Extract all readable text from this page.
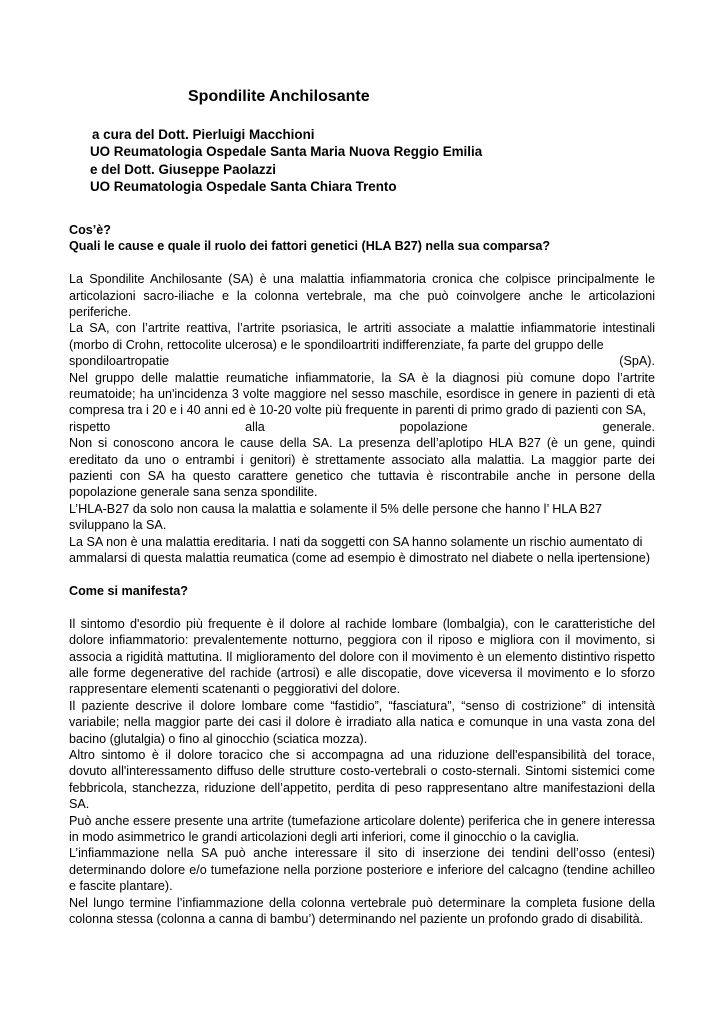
Spondilite Anchilosante
a cura del Dott. Pierluigi Macchioni
UO Reumatologia Ospedale Santa Maria Nuova Reggio Emilia
e del Dott. Giuseppe Paolazzi
UO Reumatologia Ospedale Santa Chiara Trento
Cos’è?
Quali le cause e quale il ruolo dei fattori genetici (HLA B27) nella sua comparsa?
La Spondilite Anchilosante (SA) è una malattia infiammatoria cronica che colpisce principalmente le articolazioni sacro-iliache e la colonna vertebrale, ma che può coinvolgere anche le articolazioni periferiche.
La SA, con l’artrite reattiva, l’artrite psoriasica, le artriti associate a malattie infiammatorie intestinali (morbo di Crohn, rettocolite ulcerosa) e le spondiloartriti indifferenziate, fa parte del gruppo delle
spondiloartropatie (SpA).
Nel gruppo delle malattie reumatiche infiammatorie, la SA è la diagnosi più comune dopo l’artrite reumatoide; ha un'incidenza 3 volte maggiore nel sesso maschile, esordisce in genere in pazienti di età compresa tra i 20 e i 40 anni ed è 10-20 volte più frequente in parenti di primo grado di pazienti con SA,
rispetto alla popolazione generale.
Non si conoscono ancora le cause della SA. La presenza dell’aplotipo HLA B27 (è un gene, quindi ereditato da uno o entrambi i genitori) è strettamente associato alla malattia. La maggior parte dei pazienti con SA ha questo carattere genetico che tuttavia è riscontrabile anche in persone della popolazione generale sana senza spondilite.
L’HLA-B27 da solo non causa la malattia e solamente il 5% delle persone che hanno l’ HLA B27 sviluppano la SA.
La SA non è una malattia ereditaria. I nati da soggetti con SA hanno solamente un rischio aumentato di ammalarsi di questa malattia reumatica (come ad esempio è dimostrato nel diabete o nella ipertensione)
Come si manifesta?
Il sintomo d'esordio più frequente è il dolore al rachide lombare (lombalgia), con le caratteristiche del dolore infiammatorio: prevalentemente notturno, peggiora con il riposo e migliora con il movimento, si associa a rigidità mattutina. Il miglioramento del dolore con il movimento è un elemento distintivo rispetto alle forme degenerative del rachide (artrosi) e alle discopatie, dove viceversa il movimento e lo sforzo rappresentare elementi scatenanti o peggiorativi del dolore.
Il paziente descrive il dolore lombare come “fastidio”, “fasciatura”, “senso di costrizione” di intensità variabile; nella maggior parte dei casi il dolore è irradiato alla natica e comunque in una vasta zona del bacino (glutalgia) o fino al ginocchio (sciatica mozza).
Altro sintomo è il dolore toracico che si accompagna ad una riduzione dell'espansibilità del torace, dovuto all'interessamento diffuso delle strutture costo-vertebrali o costo-sternali. Sintomi sistemici come febbricola, stanchezza, riduzione dell’appetito, perdita di peso rappresentano altre manifestazioni della SA.
Può anche essere presente una artrite (tumefazione articolare dolente) periferica che in genere interessa in modo asimmetrico le grandi articolazioni degli arti inferiori, come il ginocchio o la caviglia.
L’infiammazione nella SA può anche interessare il sito di inserzione dei tendini dell’osso (entesi) determinando dolore e/o tumefazione nella porzione posteriore e inferiore del calcagno (tendine achilleo e fascite plantare).
Nel lungo termine l’infiammazione della colonna vertebrale può determinare la completa fusione della colonna stessa (colonna a canna di bambu’) determinando nel paziente un profondo grado di disabilità.
